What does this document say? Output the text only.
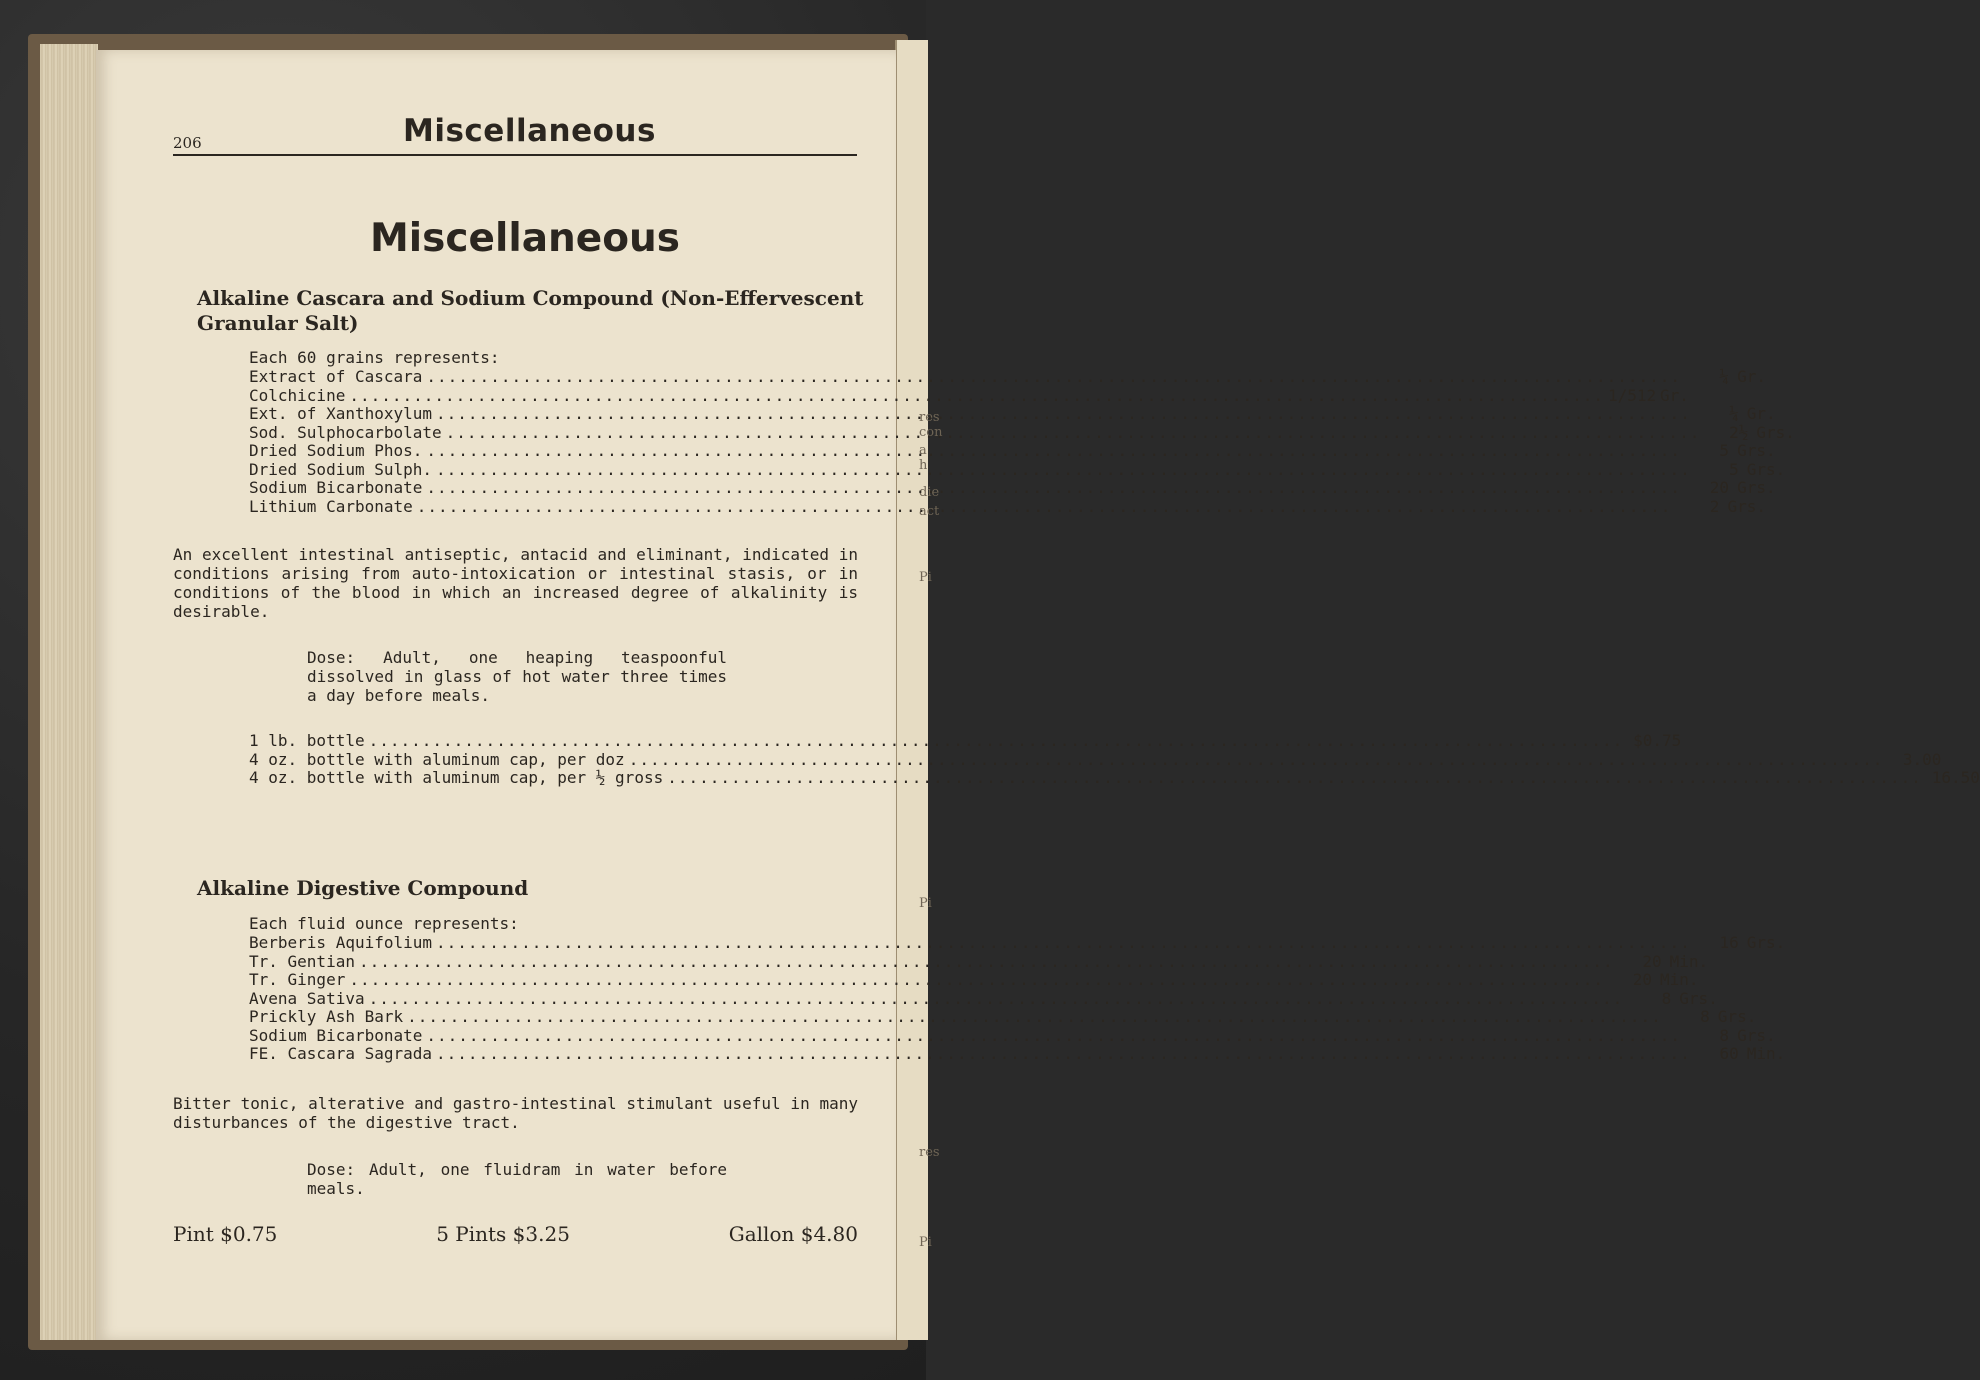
res
con
a h
die
act
Pi
Pi
res
Pi
206	Miscellaneous
Miscellaneous
Alkaline Cascara and Sodium Compound (Non-Effervescent Granular Salt)
Each 60 grains represents:
Extract of Cascara .....	¼ Gr.
Colchicine .....	1/512 Gr.
Ext. of Xanthoxylum .....	¼ Gr.
Sod. Sulphocarbolate .....	2½ Grs.
Dried Sodium Phos. .....	5 Grs.
Dried Sodium Sulph. .....	5 Grs.
Sodium Bicarbonate .....	20 Grs.
Lithium Carbonate .....	2 Grs.

An excellent intestinal antiseptic, antacid and eliminant, indicated in conditions arising from auto-intoxication or intestinal stasis, or in conditions of the blood in which an increased degree of alkalinity is desirable.

Dose: Adult, one heaping teaspoonful dissolved in glass of hot water three times a day before meals.

1 lb. bottle .....	$0.75
4 oz. bottle with aluminum cap, per doz .....	3.00
4 oz. bottle with aluminum cap, per ½ gross .....	16.50
Alkaline Digestive Compound
Each fluid ounce represents:
Berberis Aquifolium .....	16 Grs.
Tr. Gentian .....	20 Min.
Tr. Ginger .....	20 Min.
Avena Sativa .....	8 Grs.
Prickly Ash Bark .....	8 Grs.
Sodium Bicarbonate .....	8 Grs.
FE. Cascara Sagrada .....	60 Min.

Bitter tonic, alterative and gastro-intestinal stimulant useful in many disturbances of the digestive tract.

Dose: Adult, one fluidram in water before meals.

Pint $0.75	5 Pints $3.25	Gallon $4.80
